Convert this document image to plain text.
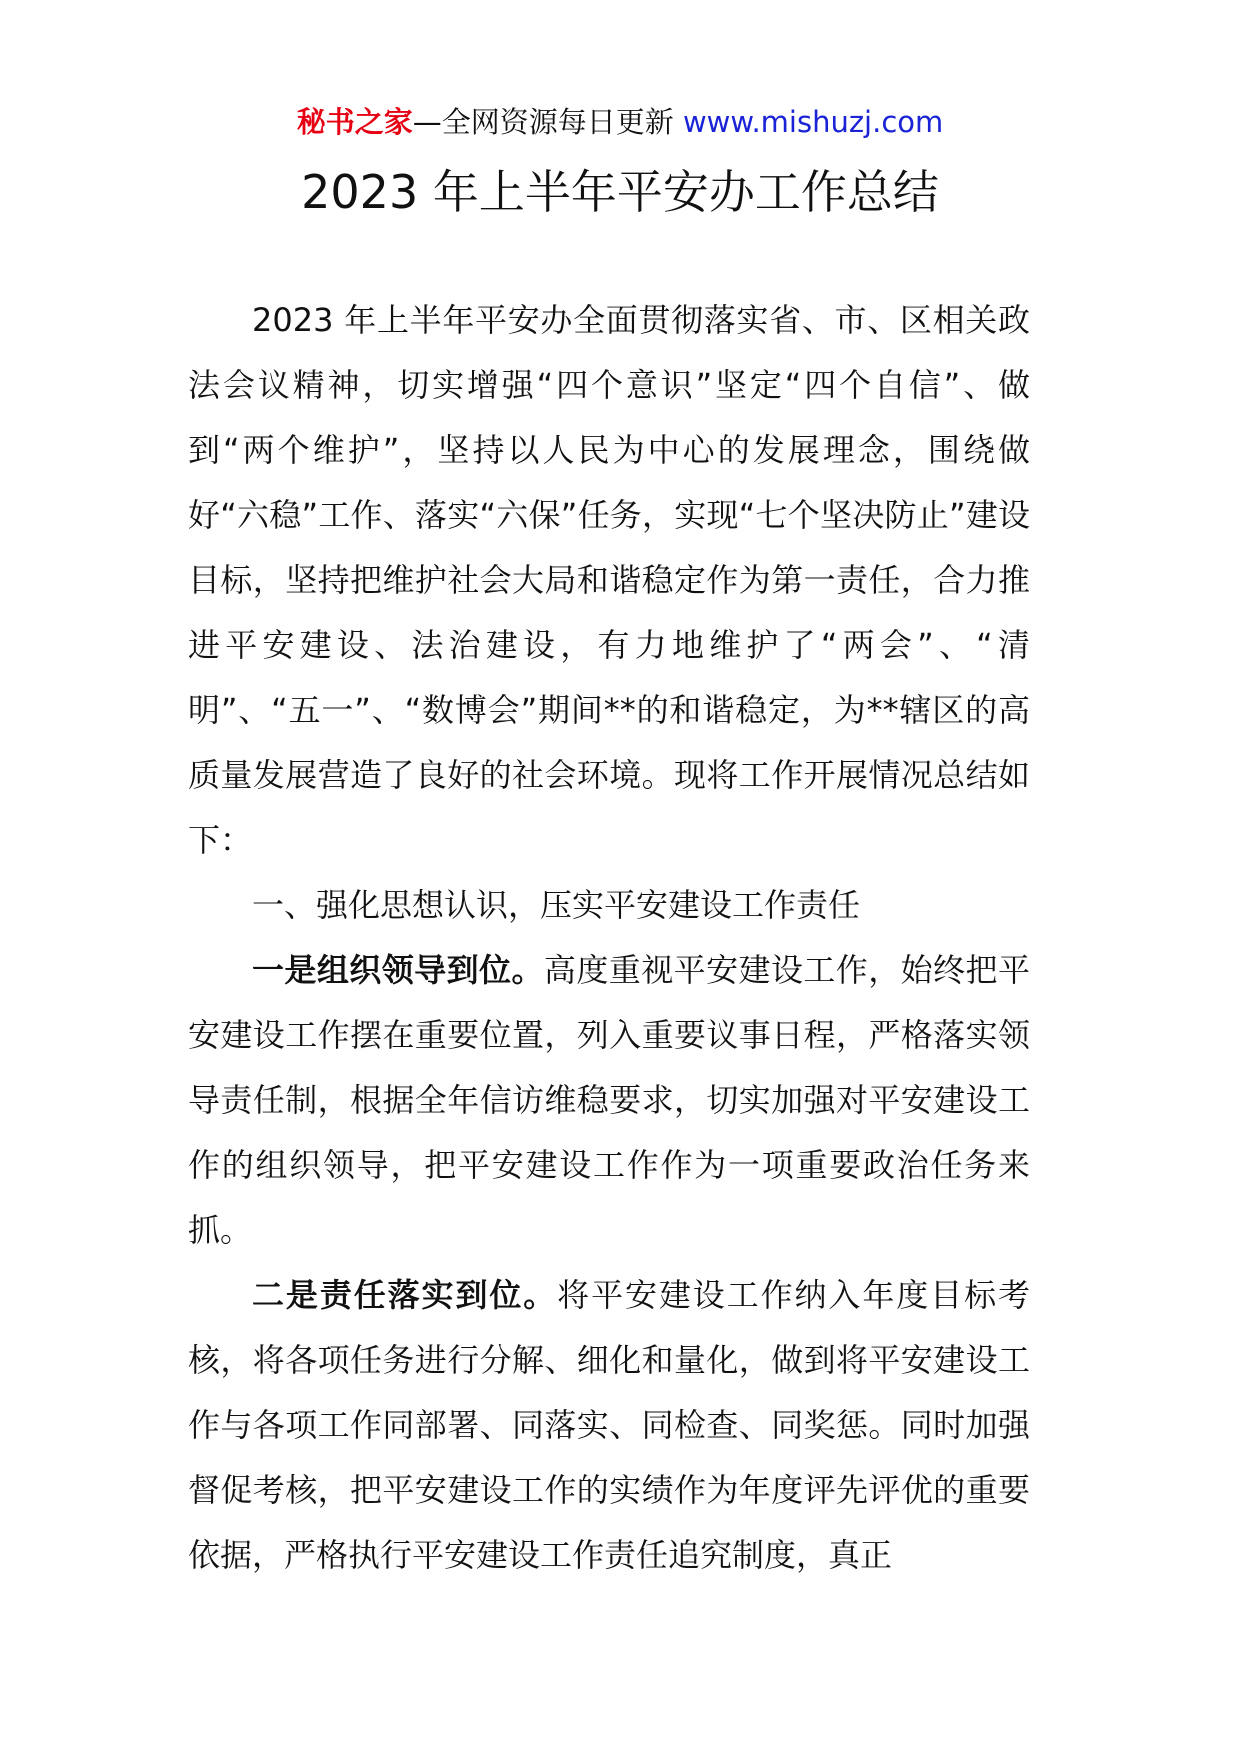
秘书之家—全网资源每日更新 www.mishuzj.com
2023 年上半年平安办工作总结

2023 年上半年平安办全面贯彻落实省、市、区相关政法会议精神，切实增强“四个意识”坚定“四个自信”、做到“两个维护”，坚持以人民为中心的发展理念，围绕做好“六稳”工作、落实“六保”任务，实现“七个坚决防止”建设目标，坚持把维护社会大局和谐稳定作为第一责任，合力推进平安建设、法治建设，有力地维护了“两会”、“清明”、“五一”、“数博会”期间**的和谐稳定，为**辖区的高质量发展营造了良好的社会环境。现将工作开展情况总结如下：

一、强化思想认识，压实平安建设工作责任

一是组织领导到位。高度重视平安建设工作，始终把平安建设工作摆在重要位置，列入重要议事日程，严格落实领导责任制，根据全年信访维稳要求，切实加强对平安建设工作的组织领导，把平安建设工作作为一项重要政治任务来抓。

二是责任落实到位。将平安建设工作纳入年度目标考核，将各项任务进行分解、细化和量化，做到将平安建设工作与各项工作同部署、同落实、同检查、同奖惩。同时加强督促考核，把平安建设工作的实绩作为年度评先评优的重要依据，严格执行平安建设工作责任追究制度，真正
